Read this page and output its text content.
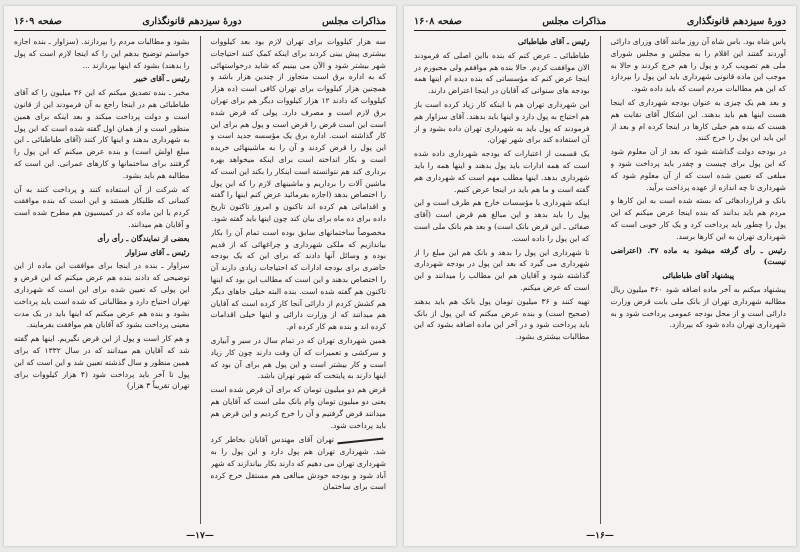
مذاکرات مجلس
دورهٔ سیزدهم قانونگذاری
صفحه ۱۶۰۹

سه هزار کیلووات برای تهران لازم بود بعد کیلووات بیشتری پیش بینی کردند برای اینکه کمک کنند احتیاجات شهر بیشتر شود و الآن می بینیم که شاید درخواستهائی که به اداره برق است متجاوز از چندین هزار باشد و همچنین هزار کیلووات برای تهران کافی است (ده هزار کیلووات که دادند ۱۲ هزار کیلووات دیگر هم برای تهران برق لازم است و مصرف دارد. پولی که قرض شده است این است قرض را قرض است و پول هم برای این کار گذاشته است. اداره برق یک مؤسسه جدید است و این پول را قرض کردند و آن را به ماشینهائی خریده است و بکار انداخته است برای اینکه میخواهد بهره برداری کند هم نتوانسته است اینکار را بکند این است که ماشین آلات را برداریم و ماشینهای لازم را که این پول را اختصاص بدهد (اجازه بفرمائید عرض کنم اینها را گفته و اقداماتی هم کرده اند تاکنون و امروز تاکنون تاریخ داده برای ده ماه برای بیان کند چون اینها باید گفته شود.

مخصوصاً ساختمانهای سابق بوده است تمام آن را بکار بیاندازیم که ملکی شهرداری و چراغهائی که از قدیم بوده و وسائل آنها دادند که برای این که یک بودجه حاضری برای بودجه ادارات که احتیاجات زیادی دارند آن را اختصاص بدهند و این است که مطالب این بود که اینها تاکنون هم گفته شده است. بنده البته خیلی جاهای دیگر هم کشش کردم از دارائی آنجا کار کرده است که آقایان هم میدانند که از وزارت دارائی و اینها خیلی اقدامات کرده اند و بنده هم کار کرده ام.

همین شهرداری تهران که در تمام سال در سیر و آبیاری و سرکشی و تعمیرات که آن وقت دارند چون کار زیاد است و کار بیشتر است و این پول هم برای آن بود که اینها دارند به پایتخت که شهر تهران باشد.

قرض هم دو میلیون تومان که برای آن قرض شده است یعنی دو میلیون تومان وام بانک ملی است که آقایان هم میدانند قرض گرفتیم و آن را خرج کردیم و این قرض هم باید پرداخت شود.

تهران آقای مهندس آقایان بخاطر کرد شد. شهرداری تهران هم پول دارد و این پول را به شهرداری تهران می دهیم که دارند بکار بیاندازند که شهر آباد شود و بودجه خودش مبالغی هم مستقل خرج کرده است برای ساختمان

بشود و مطالبات مردم را بپردازند. (سزاوار ـ بنده اجازه خواستم توضیح بدهم این را که اینجا لازم است که پول را بدهند) بشود که اینها بپردازند ...

رئیس ـ آقای خبیر

مخبر ـ بنده تصدیق میکنم که این ۳۶ میلیون را که آقای طباطبائی هم در اینجا راجع به آن فرمودند این از قانون است و دولت پرداخت میکند و بعد اینکه برای همین منظور است و از همان اول گفته شده است که این پول به شهرداری بدهند و اینها کار کنند (آقای طباطبائی ـ این مبلغ اولش است) و بنده عرض میکنم که این پول را گرفتند برای ساختمانها و کارهای عمرانی. این است که مطالبه هم باید بشود.

که شرکت از آن استفاده کنند و پرداخت کنند به آن کسانی که طلبکار هستند و این است که بنده موافقت کردم با این ماده که در کمیسیون هم مطرح شده است و آقایان هم میدانند.

بعضی از نمایندگان ـ رأی رأی

رئیس ـ آقای سزاوار

سزاوار ـ بنده در اینجا برای موافقت این ماده از این توضیحی که دادند بنده هم عرض میکنم که این قرض و این پولی که تعیین شده برای این است که شهرداری تهران احتیاج دارد و مطالباتی که شده است باید پرداخت بشود و بنده هم عرض میکنم که اینها باید در یک مدت معینی پرداخت بشود که آقایان هم موافقت بفرمایند.

و هم کار است و پول از این قرض نگیریم. اینها هم گفته شد که آقایان هم میدانند که در سال ۱۳۳۲ که برای همین منظور و سال گذشته تعیین شد و این است که این پول تا آخر باید پرداخت شود (۴ هزار کیلووات برای تهران تقریباً ۳ هزار)

—۱۷—
دورهٔ سیزدهم قانونگذاری
مذاکرات مجلس
صفحه ۱۶۰۸

پاس شاه بود. باس شاه آن روز مانند آقای وزرای دارائی آوردند گفتند این اقلام را به مجلس و مجلس شورای ملی هم تصویب کرد و پول را هم خرج کردند و حالا به موجب این ماده قانونی شهرداری باید این پول را بپردازد که این هم مطالبات مردم است که باید داده شود.

و بعد هم یک چیزی به عنوان بودجه شهرداری که اینجا هست اینها هم باید بدهند. این اشکال آقای نقابت هم هست که بنده هم خیلی کارها در اینجا کرده ام و بعد از این باید این پول را خرج کنند.

در بودجه دولت گذاشته شود که بعد از آن معلوم شود که این پول برای چیست و چقدر باید پرداخت شود و مبلغی که تعیین شده است که از آن معلوم شود که شهرداری تا چه اندازه از عهده پرداخت برآید.

بانک و قراردادهائی که بسته شده است به این کارها و مردم هم باید بدانند که بنده اینجا عرض میکنم که این پول را چطور باید پرداخت کرد و یک کار خوبی است که شهرداری تهران به این کارها برسد.

رئیس ـ رأی گرفته میشود به ماده ۳۷. (اعتراضی نیست)

پیشنهاد آقای طباطبائی

پیشنهاد میکنم به آخر ماده اضافه شود ۳۶۰ میلیون ریال مطالبه شهرداری تهران از بانک ملی بابت قرض وزارت دارائی است و از محل بودجه عمومی پرداخت شود و به شهرداری تهران داده شود که بپردازد.

رئیس ـ آقای طباطبائی

طباطبائی ـ عرض کنم که بنده بااین اصلی که فرمودند الان موافقت کردم. حالا بنده هم موافقم ولی مجبورم در اینجا عرض کنم که مؤسساتی که بنده دیده ام اینها همه بودجه های سنواتی که آقایان در اینجا اعتراض دارند.

این شهرداری تهران هم با اینکه کار زیاد کرده است باز هم احتیاج به پول دارد و اینها باید بدهند. آقای سزاوار هم فرمودند که پول باید به شهرداری تهران داده بشود و از آن استفاده کند برای شهر تهران.

یک قسمت از اعتبارات که بودجه شهرداری داده شده است که همه ادارات باید پول بدهند و اینها همه را باید شهرداری بدهد. اینها مطلب مهم است که شهرداری هم گفته است و ما هم باید در اینجا عرض کنیم.

اینکه شهرداری با مؤسسات خارج هم طرف است و این پول را باید بدهد و این مبالغ هم قرض است (آقای صفائی ـ این قرض بانک است) و بعد هم بانک ملی است که این پول را داده است.

تا شهرداری این پول را بدهد و بانک هم این مبلغ را از شهرداری می گیرد که بعد این پول در بودجه شهرداری گذاشته شود و آقایان هم این مطالب را میدانند و این است که عرض میکنم.

تهیه کنند و ۳۶ میلیون تومان پول بانک هم باید بدهند (صحیح است) و بنده عرض میکنم که این پول از بانک باید پرداخت شود و در آخر این ماده اضافه بشود که این مطالبات بیشتری بشود.

—۱۶—
